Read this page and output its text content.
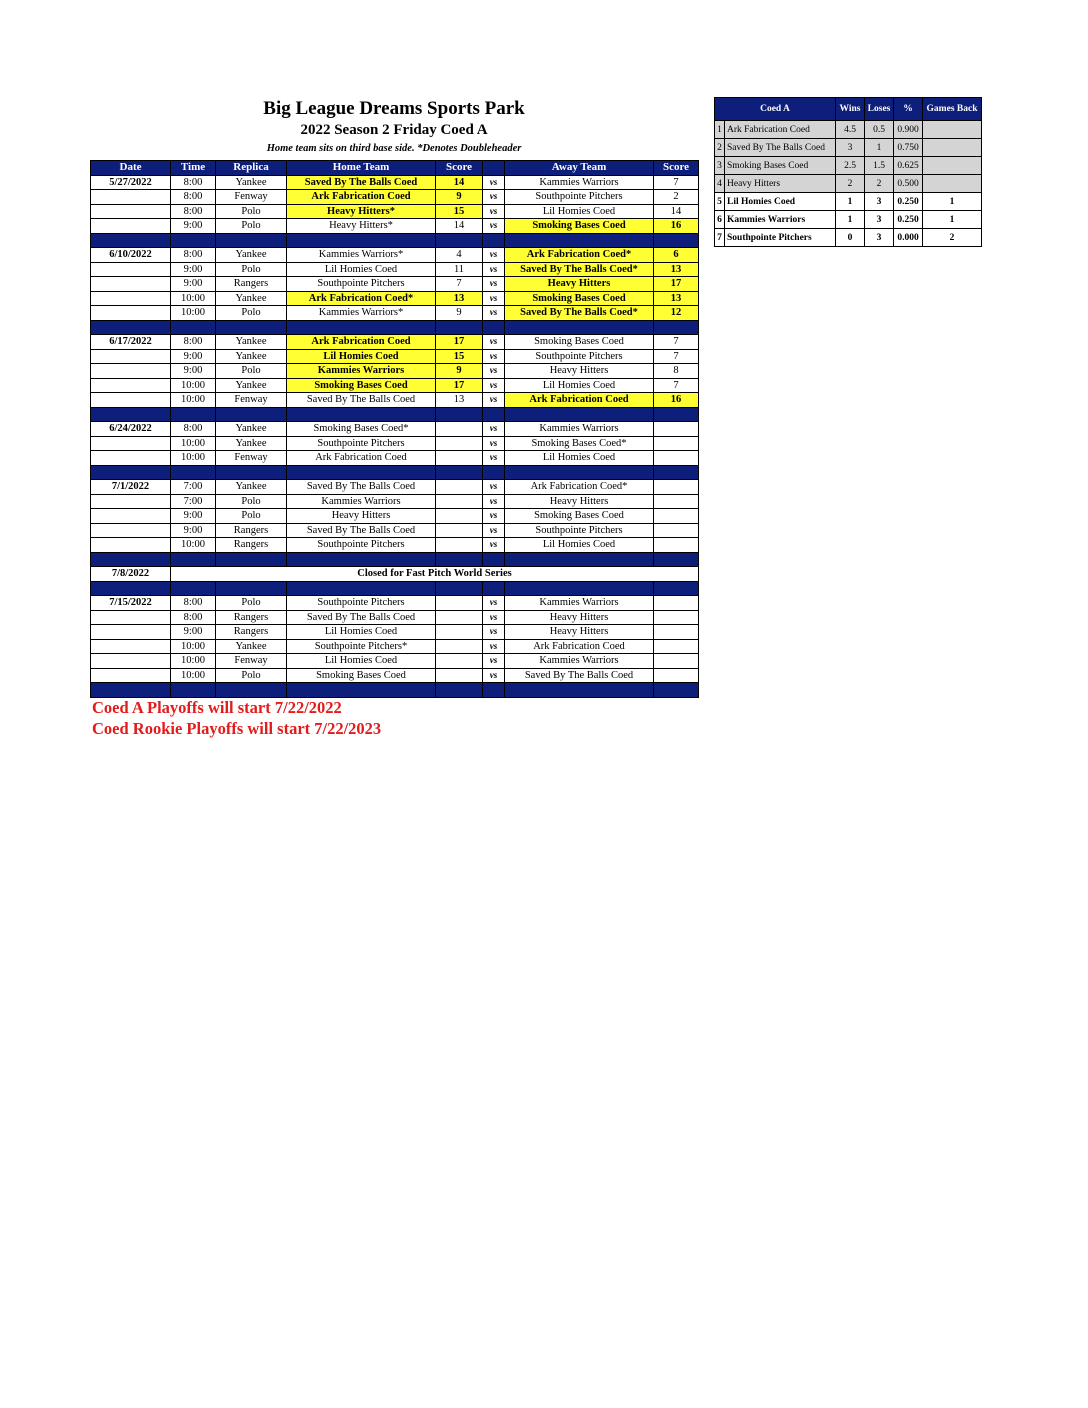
Big League Dreams Sports Park
2022 Season 2 Friday Coed A
Home team sits on third base side. *Denotes Doubleheader
Date	Time	Replica	Home Team	Score		Away Team	Score
5/27/2022	8:00	Yankee	Saved By The Balls Coed	14	vs	Kammies Warriors	7
	8:00	Fenway	Ark Fabrication Coed	9	vs	Southpointe Pitchers	2
	8:00	Polo	Heavy Hitters*	15	vs	Lil Homies Coed	14
	9:00	Polo	Heavy Hitters*	14	vs	Smoking Bases Coed	16

6/10/2022	8:00	Yankee	Kammies Warriors*	4	vs	Ark Fabrication Coed*	6
	9:00	Polo	Lil Homies Coed	11	vs	Saved By The Balls Coed*	13
	9:00	Rangers	Southpointe Pitchers	7	vs	Heavy Hitters	17
	10:00	Yankee	Ark Fabrication Coed*	13	vs	Smoking Bases Coed	13
	10:00	Polo	Kammies Warriors*	9	vs	Saved By The Balls Coed*	12

6/17/2022	8:00	Yankee	Ark Fabrication Coed	17	vs	Smoking Bases Coed	7
	9:00	Yankee	Lil Homies Coed	15	vs	Southpointe Pitchers	7
	9:00	Polo	Kammies Warriors	9	vs	Heavy Hitters	8
	10:00	Yankee	Smoking Bases Coed	17	vs	Lil Homies Coed	7
	10:00	Fenway	Saved By The Balls Coed	13	vs	Ark Fabrication Coed	16

6/24/2022	8:00	Yankee	Smoking Bases Coed*		vs	Kammies Warriors	
	10:00	Yankee	Southpointe Pitchers		vs	Smoking Bases Coed*	
	10:00	Fenway	Ark Fabrication Coed		vs	Lil Homies Coed	

7/1/2022	7:00	Yankee	Saved By The Balls Coed		vs	Ark Fabrication Coed*	
	7:00	Polo	Kammies Warriors		vs	Heavy Hitters	
	9:00	Polo	Heavy Hitters		vs	Smoking Bases Coed	
	9:00	Rangers	Saved By The Balls Coed		vs	Southpointe Pitchers	
	10:00	Rangers	Southpointe Pitchers		vs	Lil Homies Coed	

7/8/2022	Closed for Fast Pitch World Series						

7/15/2022	8:00	Polo	Southpointe Pitchers		vs	Kammies Warriors	
	8:00	Rangers	Saved By The Balls Coed		vs	Heavy Hitters	
	9:00	Rangers	Lil Homies Coed		vs	Heavy Hitters	
	10:00	Yankee	Southpointe Pitchers*		vs	Ark Fabrication Coed	
	10:00	Fenway	Lil Homies Coed		vs	Kammies Warriors	
	10:00	Polo	Smoking Bases Coed		vs	Saved By The Balls Coed	

Coed A		Wins	Loses	%	Games Back
1	Ark Fabrication Coed	4.5	0.5	0.900	
2	Saved By The Balls Coed	3	1	0.750	
3	Smoking Bases Coed	2.5	1.5	0.625	
4	Heavy Hitters	2	2	0.500	
5	Lil Homies Coed	1	3	0.250	1
6	Kammies Warriors	1	3	0.250	1
7	Southpointe Pitchers	0	3	0.000	2
Coed A Playoffs will start 7/22/2022
Coed Rookie Playoffs will start 7/22/2023
